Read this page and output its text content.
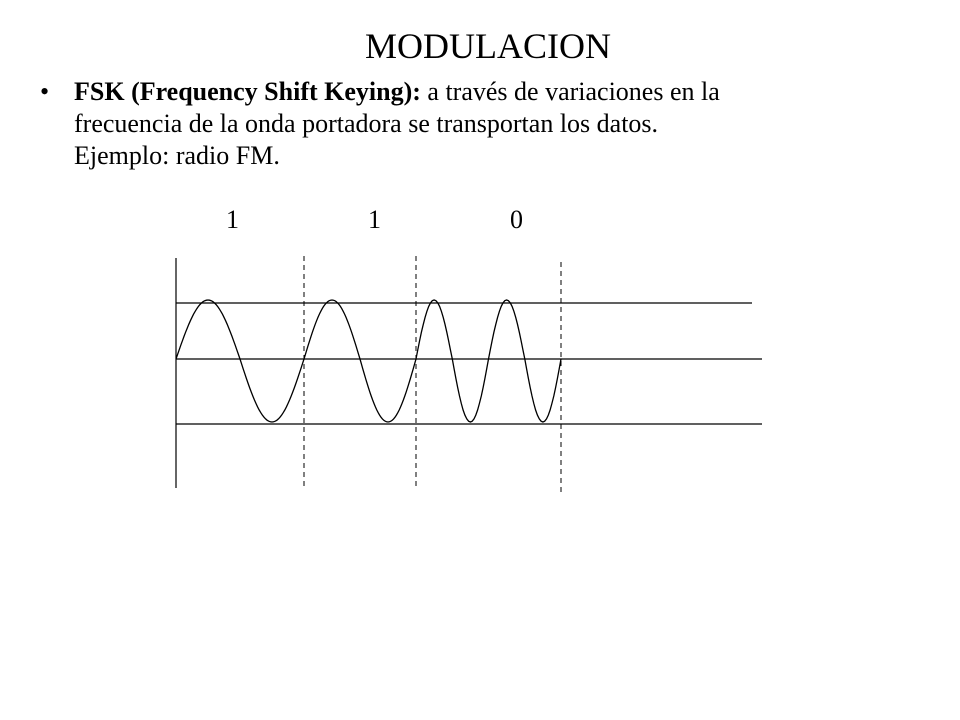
MODULACION
• FSK (Frequency Shift Keying): a través de variaciones en la
frecuencia de la onda portadora se transportan los datos.
Ejemplo: radio FM.
1	1	0
